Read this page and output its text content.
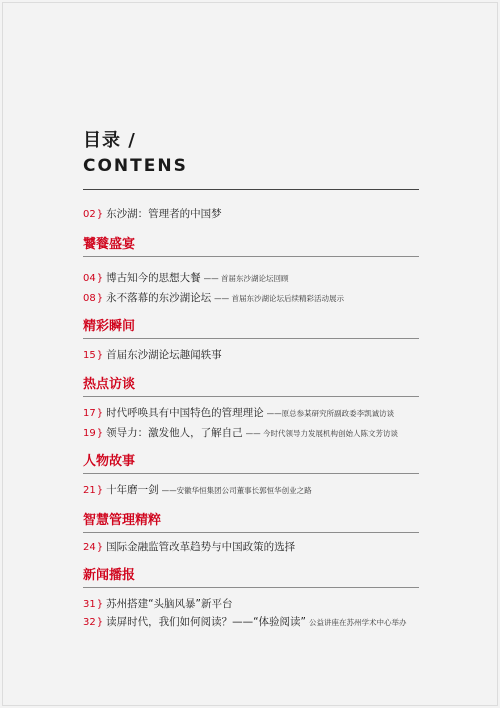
目录 /
CONTENS
02} 东沙湖：管理者的中国梦
饕餮盛宴
04} 博古知今的思想大餐 —— 首届东沙湖论坛回顾
08} 永不落幕的东沙湖论坛 —— 首届东沙湖论坛后续精彩活动展示
精彩瞬间
15} 首届东沙湖论坛趣闻轶事
热点访谈
17} 时代呼唤具有中国特色的管理理论 ——原总参某研究所副政委李凯诚访谈
19} 领导力：激发他人，了解自己 —— 今时代领导力发展机构创始人陈文芳访谈
人物故事
21} 十年磨一剑 ——安徽华恒集团公司董事长郭恒华创业之路
智慧管理精粹
24} 国际金融监管改革趋势与中国政策的选择
新闻播报
31} 苏州搭建“头脑风暴”新平台
32} 读屏时代，我们如何阅读？——“体验阅读” 公益讲座在苏州学术中心举办
